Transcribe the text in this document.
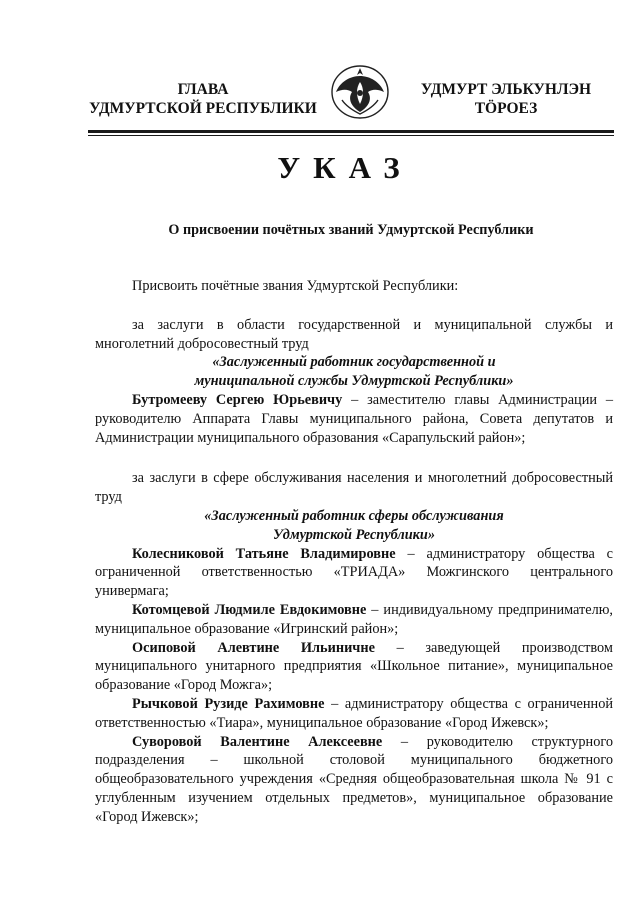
ГЛАВА
УДМУРТСКОЙ РЕСПУБЛИКИ
УДМУРТ ЭЛЬКУНЛЭН
ТӦРОЕЗ
УКАЗ
О присвоении почётных званий Удмуртской Республики

Присвоить почётные звания Удмуртской Республики:

за заслуги в области государственной и муниципальной службы и многолетний добросовестный труд

«Заслуженный работник государственной и

муниципальной службы Удмуртской Республики»

Бутромееву Сергею Юрьевичу – заместителю главы Администрации – руководителю Аппарата Главы муниципального района, Совета депутатов и Администрации муниципального образования «Сарапульский район»;

за заслуги в сфере обслуживания населения и многолетний добросовестный труд

«Заслуженный работник сферы обслуживания

Удмуртской Республики»

Колесниковой Татьяне Владимировне – администратору общества с ограниченной ответственностью «ТРИАДА» Можгинского центрального универмага;

Котомцевой Людмиле Евдокимовне – индивидуальному предпринимателю, муниципальное образование «Игринский район»;

Осиповой Алевтине Ильиничне – заведующей производством муниципального унитарного предприятия «Школьное питание», муниципальное образование «Город Можга»;

Рычковой Рузиде Рахимовне – администратору общества с ограниченной ответственностью «Тиара», муниципальное образование «Город Ижевск»;

Суворовой Валентине Алексеевне – руководителю структурного подразделения – школьной столовой муниципального бюджетного общеобразовательного учреждения «Средняя общеобразовательная школа № 91 с углубленным изучением отдельных предметов», муниципальное образование «Город Ижевск»;
